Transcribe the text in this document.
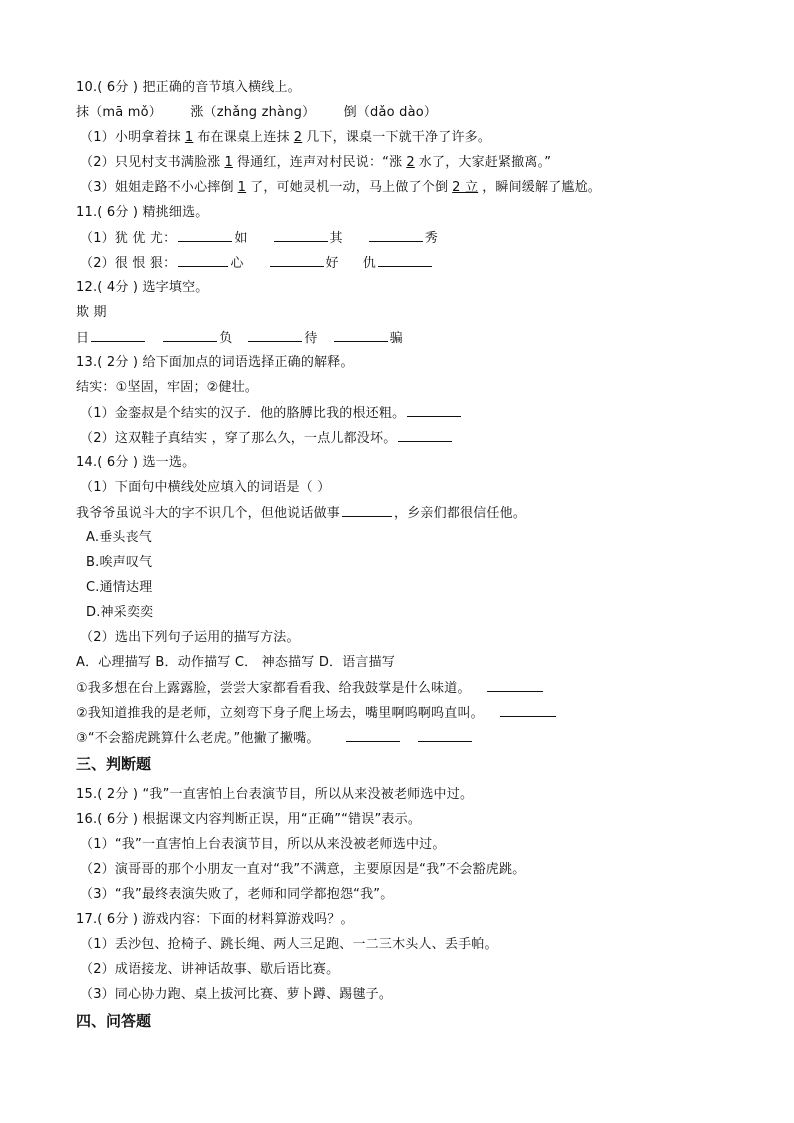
10.( 6分 ) 把正确的音节填入横线上。
抹（mā mǒ） 涨（zhǎng zhàng） 倒（dǎo dào）
（1）小明拿着抹 1 布在课桌上连抹 2 几下，课桌一下就干净了许多。
（2）只见村支书满脸涨 1 得通红，连声对村民说：“涨 2 水了，大家赶紧撤离。”
（3）姐姐走路不小心摔倒 1 了，可她灵机一动，马上做了个倒 2 立 ，瞬间缓解了尴尬。
11.( 6分 ) 精挑细选。
（1）犹 优 尤：	如	其	秀
（2）很 恨 狠：	心	好 仇
12.( 4分 ) 选字填空。
欺 期
日	负	待	骗
13.( 2分 ) 给下面加点的词语选择正确的解释。
结实：①坚固，牢固；②健壮。
（1）金銮叔是个结实的汉子．他的胳膊比我的根还粗。
（2）这双鞋子真结实 ，穿了那么久，一点儿都没坏。
14.( 6分 ) 选一选。
（1）下面句中横线处应填入的词语是（ ）
我爷爷虽说斗大的字不识几个，但他说话做事	，乡亲们都很信任他。
A.垂头丧气
B.唉声叹气
C.通情达理
D.神采奕奕
（2）选出下列句子运用的描写方法。
A．心理描写 B．动作描写 C． 神态描写 D．语言描写
①我多想在台上露露脸，尝尝大家都看看我、给我鼓掌是什么味道。
②我知道推我的是老师，立刻弯下身子爬上场去，嘴里啊呜啊呜直叫。
③“不会豁虎跳算什么老虎。”他撇了撇嘴。
三、判断题
15.( 2分 ) “我”一直害怕上台表演节目，所以从来没被老师选中过。
16.( 6分 ) 根据课文内容判断正误，用“正确”“错误”表示。
（1）“我”一直害怕上台表演节目，所以从来没被老师选中过。
（2）演哥哥的那个小朋友一直对“我”不满意，主要原因是“我”不会豁虎跳。
（3）“我”最终表演失败了，老师和同学都抱怨“我”。
17.( 6分 ) 游戏内容：下面的材料算游戏吗？。
（1）丢沙包、抢椅子、跳长绳、两人三足跑、一二三木头人、丢手帕。
（2）成语接龙、讲神话故事、歇后语比赛。
（3）同心协力跑、桌上拔河比赛、萝卜蹲、踢毽子。
四、问答题
